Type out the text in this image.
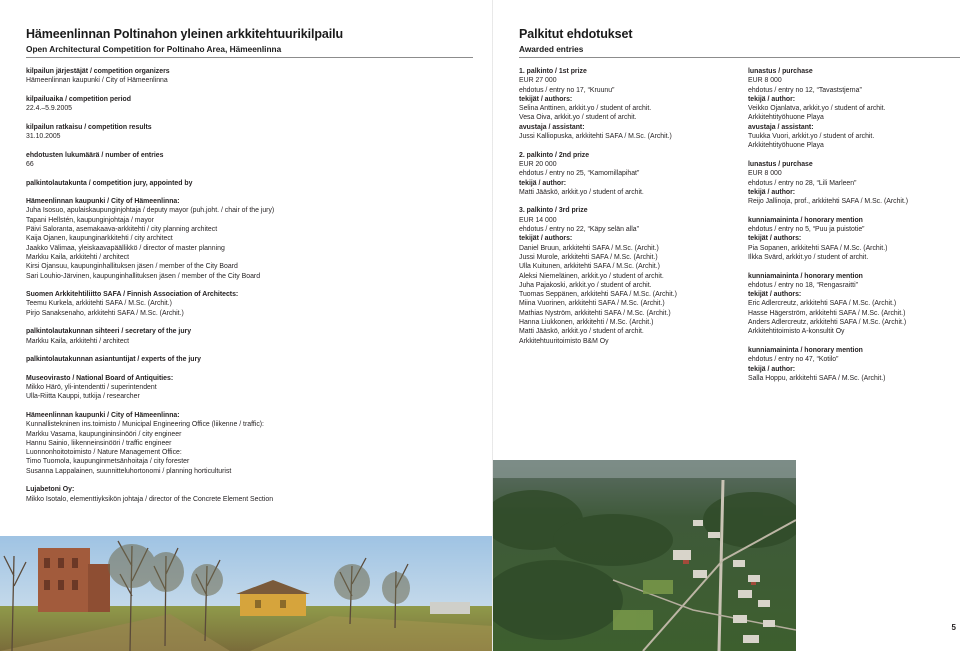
Hämeenlinnan Poltinahon yleinen arkkitehtuurikilpailu
Open Architectural Competition for Poltinaho Area, Hämeenlinna
kilpailun järjestäjät / competition organizers
Hämeenlinnan kaupunki / City of Hämeenlinna
kilpailuaika / competition period
22.4.–5.9.2005
kilpailun ratkaisu / competition results
31.10.2005
ehdotusten lukumäärä / number of entries
66
palkintolautakunta / competition jury, appointed by
Hämeenlinnan kaupunki / City of Hämeenlinna:
Juha Isosuo, apulaiskaupunginjohtaja / deputy mayor (puh.joht. / chair of the jury)
Tapani Hellstén, kaupunginjohtaja / mayor
Päivi Saloranta, asemakaava-arkkitehti / city planning architect
Kaija Ojanen, kaupunginarkkitehti / city architect
Jaakko Välimaa, yleiskaavapäällikkö / director of master planning
Markku Kaila, arkkitehti / architect
Kirsi Ojansuu, kaupunginhallituksen jäsen / member of the City Board
Sari Louhio-Järvinen, kaupunginhallituksen jäsen / member of the City Board
Suomen Arkkitehtiliitto SAFA / Finnish Association of Architects:
Teemu Kurkela, arkkitehti SAFA / M.Sc. (Archit.)
Pirjo Sanaksenaho, arkkitehti SAFA / M.Sc. (Archit.)
palkintolautakunnan sihteeri / secretary of the jury
Markku Kaila, arkkitehti / architect
palkintolautakunnan asiantuntijat / experts of the jury
Museovirasto / National Board of Antiquities:
Mikko Härö, yli-intendentti / superintendent
Ulla-Riitta Kauppi, tutkija / researcher
Hämeenlinnan kaupunki / City of Hämeenlinna:
Kunnallistekninen ins.toimisto / Municipal Engineering Office (liikenne / traffic):
Markku Vasama, kaupungininsinööri / city engineer
Hannu Sainio, liikenneinsinööri / traffic engineer
Luonnonhoitotoimisto / Nature Management Office:
Timo Tuomola, kaupunginmetsänhoitaja / city forester
Susanna Lappalainen, suunnitteluhortonomi / planning horticulturist
Lujabetoni Oy:
Mikko Isotalo, elementtiyksikön johtaja / director of the Concrete Element Section
Palkitut ehdotukset
Awarded entries
1. palkinto / 1st prize
EUR 27 000
ehdotus / entry no 17, “Kruunu”
tekijät / authors:
Selina Anttinen, arkkit.yo / student of archit.
Vesa Oiva, arkkit.yo / student of archit.
avustaja / assistant:
Jussi Kalliopuska, arkkitehti SAFA / M.Sc. (Archit.)
2. palkinto / 2nd prize
EUR 20 000
ehdotus / entry no 25, “Kamomillapihat”
tekijä / author:
Matti Jääskö, arkkit.yo / student of archit.
3. palkinto / 3rd prize
EUR 14 000
ehdotus / entry no 22, “Käpy selän alla”
tekijät / authors:
Daniel Bruun, arkkitehti SAFA / M.Sc. (Archit.)
Jussi Murole, arkkitehti SAFA / M.Sc. (Archit.)
Ulla Kuitunen, arkkitehti SAFA / M.Sc. (Archit.)
Aleksi Niemeläinen, arkkit.yo / student of archit.
Juha Pajakoski, arkkit.yo / student of archit.
Tuomas Seppänen, arkkitehti SAFA / M.Sc. (Archit.)
Miina Vuorinen, arkkitehti SAFA / M.Sc. (Archit.)
Mathias Nyström, arkkitehti SAFA / M.Sc. (Archit.)
Hanna Liukkonen, arkkitehti / M.Sc. (Archit.)
Matti Jääskö, arkkit.yo / student of archit.
Arkkitehtuuritoimisto B&M Oy
lunastus / purchase
EUR 8 000
ehdotus / entry no 12, “Tavaststjerna”
tekijä / author:
Veikko Ojanlatva, arkkit.yo / student of archit.
Arkkitehtityöhuone Playa
avustaja / assistant:
Tuukka Vuori, arkkit.yo / student of archit.
Arkkitehtityöhuone Playa
lunastus / purchase
EUR 8 000
ehdotus / entry no 28, “Lili Marleen”
tekijä / author:
Reijo Jallinoja, prof., arkkitehti SAFA / M.Sc. (Archit.)
kunniamaininta / honorary mention
ehdotus / entry no 5, “Puu ja puistotie”
tekijät / authors:
Pia Sopanen, arkkitehti SAFA / M.Sc. (Archit.)
Ilkka Svärd, arkkit.yo / student of archit.
kunniamaininta / honorary mention
ehdotus / entry no 18, “Rengasraitti”
tekijät / authors:
Eric Adlercreutz, arkkitehti SAFA / M.Sc. (Archit.)
Hasse Hägerström, arkkitehti SAFA / M.Sc. (Archit.)
Anders Adlercreutz, arkkitehti SAFA / M.Sc. (Archit.)
Arkkitehtitoimisto A-konsultit Oy
kunniamaininta / honorary mention
ehdotus / entry no 47, “Kotilo”
tekijä / author:
Salla Hoppu, arkkitehti SAFA / M.Sc. (Archit.)
5
